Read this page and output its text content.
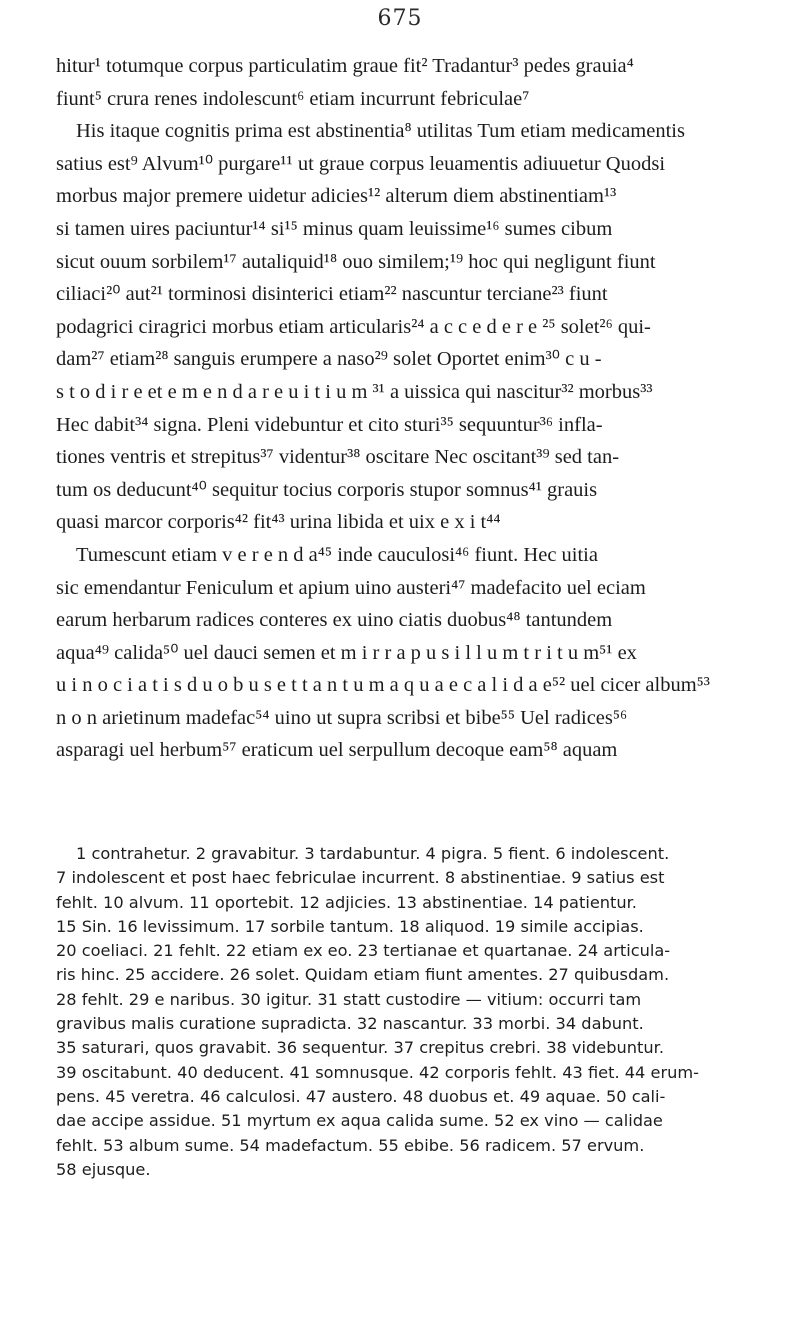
675
hitur¹ totumque corpus particulatim graue fit² Tradantur³ pedes grauia⁴
fiunt⁵ crura renes indolescunt⁶ etiam incurrunt febriculae⁷
His itaque cognitis prima est abstinentia⁸ utilitas Tum etiam medicamentis
satius est⁹ Alvum¹⁰ purgare¹¹ ut graue corpus leuamentis adiuuetur Quodsi
morbus major premere uidetur adicies¹² alterum diem abstinentiam¹³
si tamen uires paciuntur¹⁴ si¹⁵ minus quam leuissime¹⁶ sumes cibum
sicut ouum sorbilem¹⁷ autaliquid¹⁸ ouo similem;¹⁹ hoc qui negligunt fiunt
ciliaci²⁰ aut²¹ torminosi disinterici etiam²² nascuntur terciane²³ fiunt
podagrici ciragrici morbus etiam articularis²⁴ a c c e d e r e ²⁵ solet²⁶ qui-
dam²⁷ etiam²⁸ sanguis erumpere a naso²⁹ solet Oportet enim³⁰ c u -
s t o d i r e et e m e n d a r e u i t i u m ³¹ a uissica qui nascitur³² morbus³³
Hec dabit³⁴ signa. Pleni videbuntur et cito sturi³⁵ sequuntur³⁶ infla-
tiones ventris et strepitus³⁷ videntur³⁸ oscitare Nec oscitant³⁹ sed tan-
tum os deducunt⁴⁰ sequitur tocius corporis stupor somnus⁴¹ grauis
quasi marcor corporis⁴² fit⁴³ urina libida et uix e x i t⁴⁴
Tumescunt etiam v e r e n d a⁴⁵ inde cauculosi⁴⁶ fiunt. Hec uitia
sic emendantur Feniculum et apium uino austeri⁴⁷ madefacito uel eciam
earum herbarum radices conteres ex uino ciatis duobus⁴⁸ tantundem
aqua⁴⁹ calida⁵⁰ uel dauci semen et m i r r a p u s i l l u m t r i t u m⁵¹ ex
u i n o c i a t i s d u o b u s e t t a n t u m a q u a e c a l i d a e⁵² uel cicer album⁵³
n o n arietinum madefac⁵⁴ uino ut supra scribsi et bibe⁵⁵ Uel radices⁵⁶
asparagi uel herbum⁵⁷ eraticum uel serpullum decoque eam⁵⁸ aquam
1 contrahetur. 2 gravabitur. 3 tardabuntur. 4 pigra. 5 fient. 6 indolescent.
7 indolescent et post haec febriculae incurrent. 8 abstinentiae. 9 satius est
fehlt. 10 alvum. 11 oportebit. 12 adjicies. 13 abstinentiae. 14 patientur.
15 Sin. 16 levissimum. 17 sorbile tantum. 18 aliquod. 19 simile accipias.
20 coeliaci. 21 fehlt. 22 etiam ex eo. 23 tertianae et quartanae. 24 articula-
ris hinc. 25 accidere. 26 solet. Quidam etiam fiunt amentes. 27 quibusdam.
28 fehlt. 29 e naribus. 30 igitur. 31 statt custodire — vitium: occurri tam
gravibus malis curatione supradicta. 32 nascantur. 33 morbi. 34 dabunt.
35 saturari, quos gravabit. 36 sequentur. 37 crepitus crebri. 38 videbuntur.
39 oscitabunt. 40 deducent. 41 somnusque. 42 corporis fehlt. 43 fiet. 44 erum-
pens. 45 veretra. 46 calculosi. 47 austero. 48 duobus et. 49 aquae. 50 cali-
dae accipe assidue. 51 myrtum ex aqua calida sume. 52 ex vino — calidae
fehlt. 53 album sume. 54 madefactum. 55 ebibe. 56 radicem. 57 ervum.
58 ejusque.
